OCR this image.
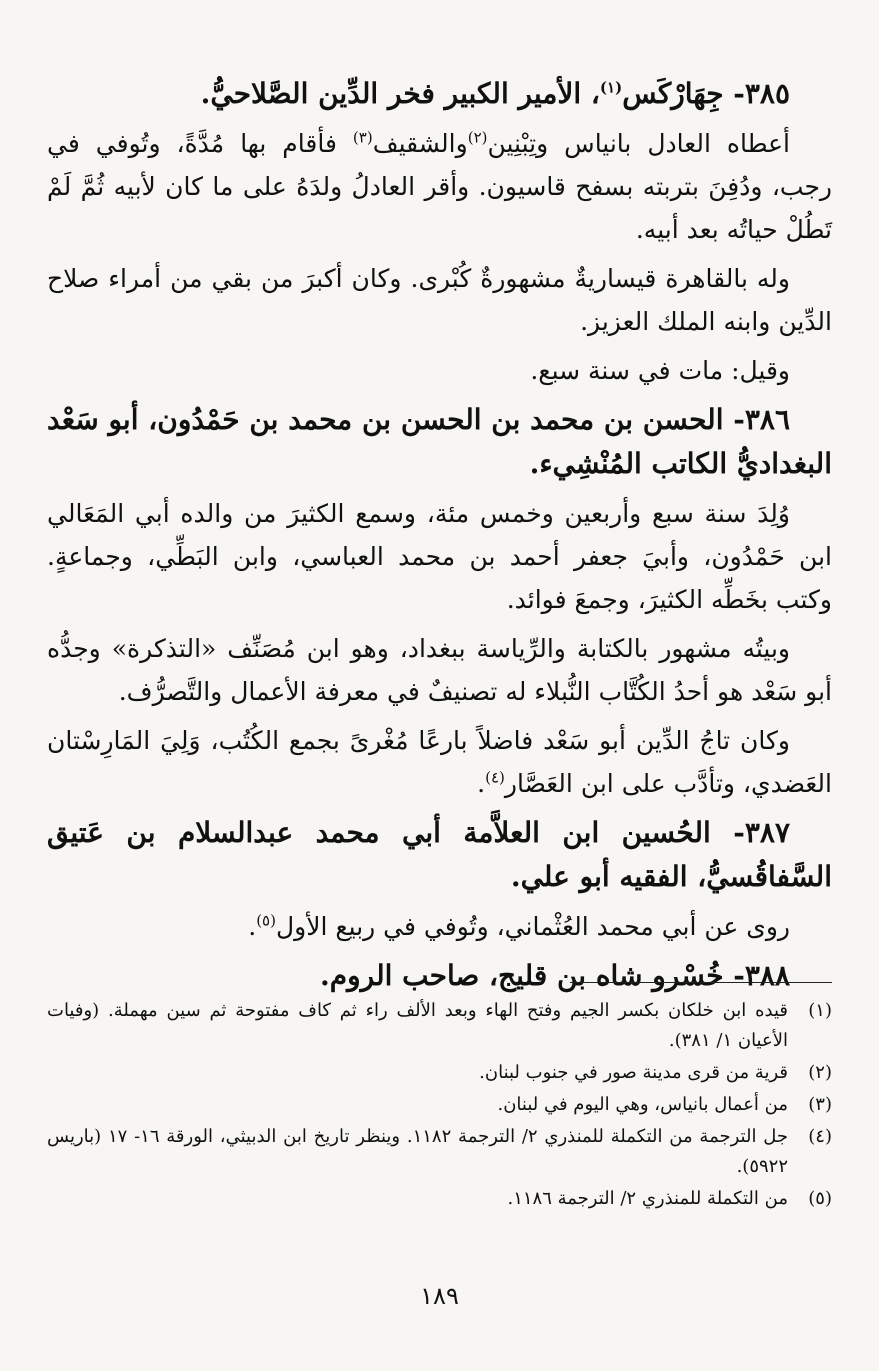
٣٨٥- جِهَارْكَس$^{(١)}$، الأمير الكبير فخر الدِّين الصَّلاحيُّ.

أعطاه العادل بانياس وتِبْنِين$^{(٢)}$والشقيف$^{(٣)}$ فأقام بها مُدَّةً، وتُوفي في رجب، ودُفِنَ بتربته بسفح قاسيون. وأقر العادلُ ولدَهُ على ما كان لأبيه ثُمَّ لَمْ تَطُلْ حياتُه بعد أبيه.

وله بالقاهرة قيساريةٌ مشهورةٌ كُبْرى. وكان أكبرَ من بقي من أمراء صلاح الدِّين وابنه الملك العزيز.

وقيل: مات في سنة سبع.

٣٨٦- الحسن بن محمد بن الحسن بن محمد بن حَمْدُون، أبو سَعْد البغداديُّ الكاتب المُنْشِيء.

وُلِدَ سنة سبع وأربعين وخمس مئة، وسمع الكثيرَ من والده أبي المَعَالي ابن حَمْدُون، وأبيَ جعفر أحمد بن محمد العباسي، وابن البَطِّي، وجماعةٍ. وكتب بخَطِّه الكثيرَ، وجمعَ فوائد.

وبيتُه مشهور بالكتابة والرِّياسة ببغداد، وهو ابن مُصَنِّف «التذكرة» وجدُّه أبو سَعْد هو أحدُ الكُتَّاب النُّبلاء له تصنيفٌ في معرفة الأعمال والتَّصرُّف.

وكان تاجُ الدِّين أبو سَعْد فاضلاً بارعًا مُغْرىً بجمع الكُتُب، وَلِيَ المَارِسْتان العَضدي، وتأدَّب على ابن العَصَّار$^{(٤)}$.

٣٨٧- الحُسين ابن العلاَّمة أبي محمد عبدالسلام بن عَتيق السَّفاقُسيُّ، الفقيه أبو علي.

روى عن أبي محمد العُثْماني، وتُوفي في ربيع الأول$^{(٥)}$.

٣٨٨- خُسْرو شاه بن قليج، صاحب الروم.
(١)
قيده ابن خلكان بكسر الجيم وفتح الهاء وبعد الألف راء ثم كاف مفتوحة ثم سين مهملة. (وفيات الأعيان ١/ ٣٨١).
(٢)
قرية من قرى مدينة صور في جنوب لبنان.
(٣)
من أعمال بانياس، وهي اليوم في لبنان.
(٤)
جل الترجمة من التكملة للمنذري ٢/ الترجمة ١١٨٢. وينظر تاريخ ابن الدبيثي، الورقة ١٦- ١٧ (باريس ٥٩٢٢).
(٥)
من التكملة للمنذري ٢/ الترجمة ١١٨٦.
١٨٩
